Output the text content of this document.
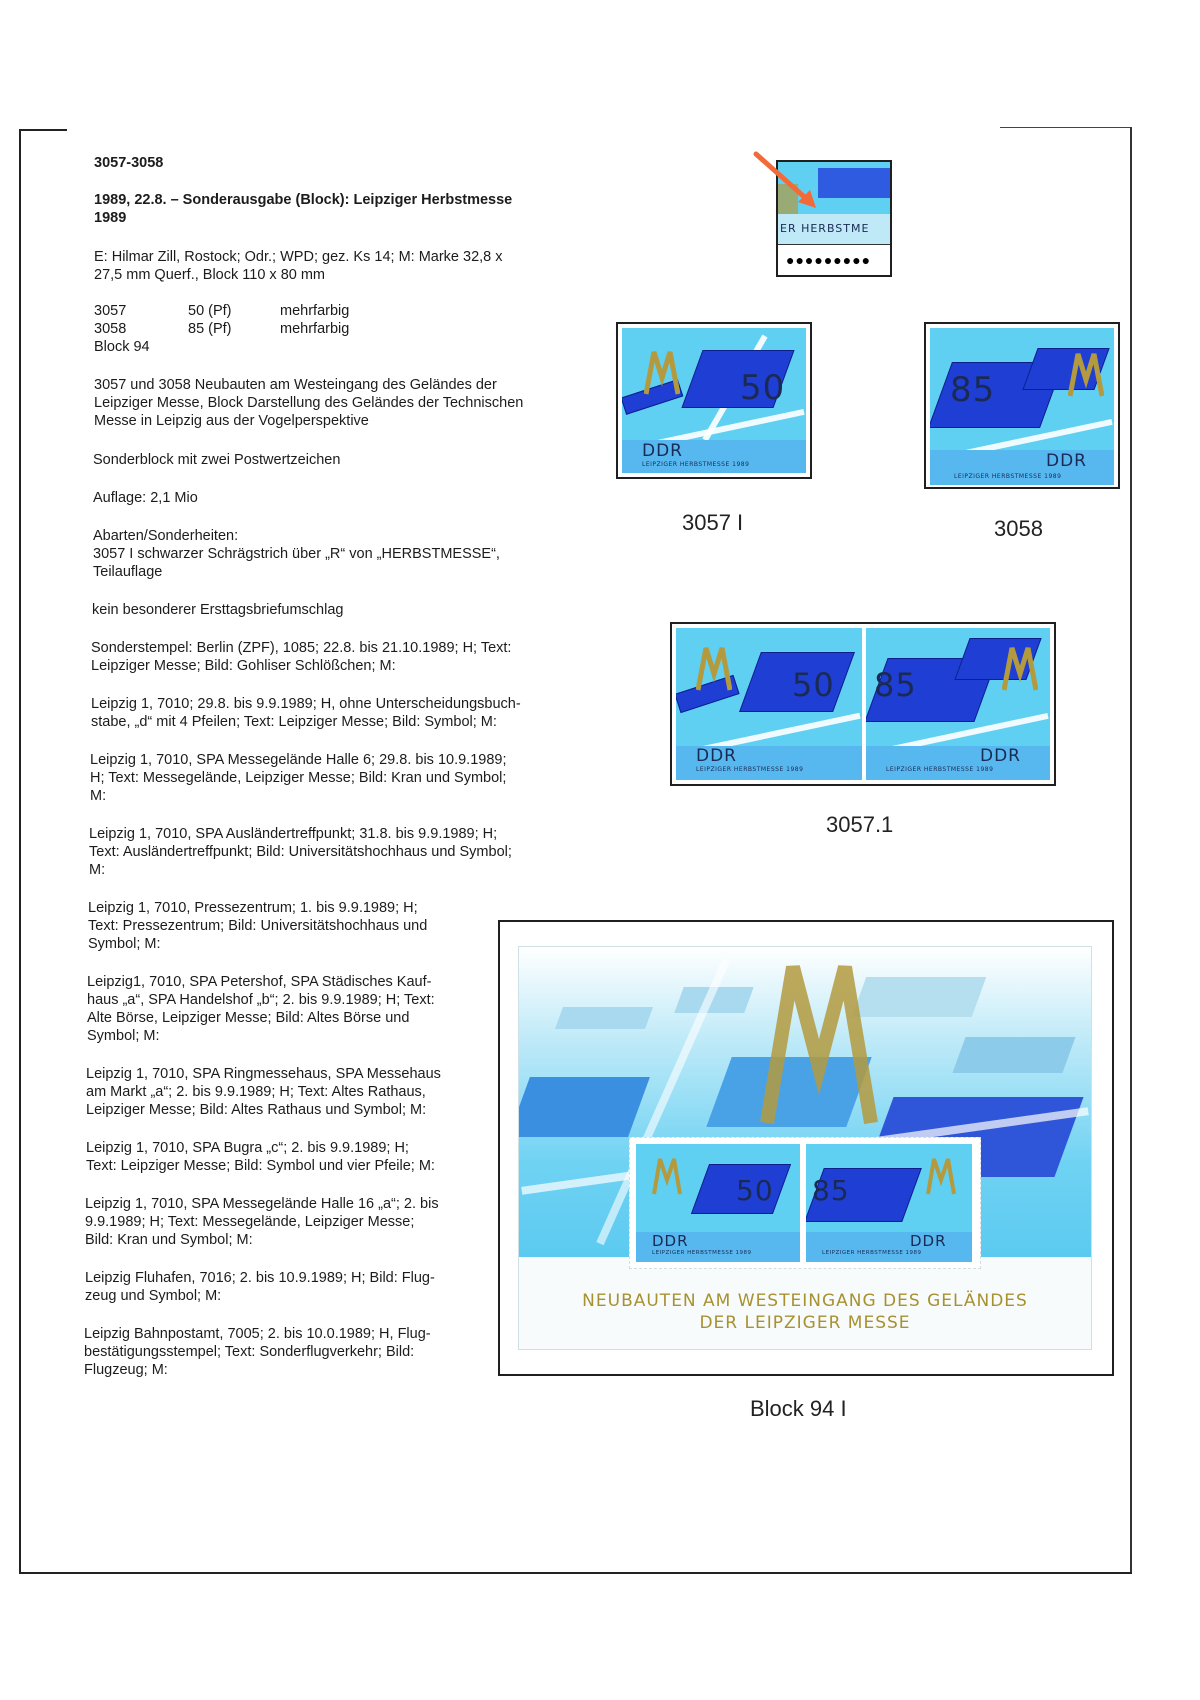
3057-3058
1989, 22.8. – Sonderausgabe (Block): Leipziger Herbstmesse
1989
E: Hilmar Zill, Rostock; Odr.; WPD; gez. Ks 14; M: Marke 32,8 x
27,5 mm Querf., Block 110 x 80 mm
3057	50 (Pf)	mehrfarbig
3058	85 (Pf)	mehrfarbig
Block 94
3057 und 3058 Neubauten am Westeingang des Geländes der
Leipziger Messe, Block Darstellung des Geländes der Technischen
Messe in Leipzig aus der Vogelperspektive
Sonderblock mit zwei Postwertzeichen
Auflage: 2,1 Mio
Abarten/Sonderheiten:
3057 I schwarzer Schrägstrich über „R“ von „HERBSTMESSE“,
Teilauflage
kein besonderer Ersttagsbriefumschlag
Sonderstempel: Berlin (ZPF), 1085; 22.8. bis 21.10.1989; H; Text:
Leipziger Messe; Bild: Gohliser Schlößchen; M:
Leipzig 1, 7010; 29.8. bis 9.9.1989; H, ohne Unterscheidungsbuch-
stabe, „d“ mit 4 Pfeilen; Text: Leipziger Messe; Bild: Symbol; M:
Leipzig 1, 7010, SPA Messegelände Halle 6; 29.8. bis 10.9.1989;
H; Text: Messegelände, Leipziger Messe; Bild: Kran und Symbol;
M:
Leipzig 1, 7010, SPA Ausländertreffpunkt; 31.8. bis 9.9.1989; H;
Text: Ausländertreffpunkt; Bild: Universitätshochhaus und Symbol;
M:
Leipzig 1, 7010, Pressezentrum; 1. bis 9.9.1989; H;
Text: Pressezentrum; Bild: Universitätshochhaus und
Symbol; M:
Leipzig1, 7010, SPA Petershof, SPA Städisches Kauf-
haus „a“, SPA Handelshof „b“; 2. bis 9.9.1989; H; Text:
Alte Börse, Leipziger Messe; Bild: Altes Börse und
Symbol; M:
Leipzig 1, 7010, SPA Ringmessehaus, SPA Messehaus
am Markt „a“; 2. bis 9.9.1989; H; Text: Altes Rathaus,
Leipziger Messe; Bild: Altes Rathaus und Symbol; M:
Leipzig 1, 7010, SPA Bugra „c“; 2. bis 9.9.1989; H;
Text: Leipziger Messe; Bild: Symbol und vier Pfeile; M:
Leipzig 1, 7010, SPA Messegelände Halle 16 „a“; 2. bis
9.9.1989; H; Text: Messegelände, Leipziger Messe;
Bild: Kran und Symbol; M:
Leipzig Fluhafen, 7016; 2. bis 10.9.1989; H; Bild: Flug-
zeug und Symbol; M:
Leipzig Bahnpostamt, 7005; 2. bis 10.0.1989; H, Flug-
bestätigungsstempel; Text: Sonderflugverkehr; Bild:
Flugzeug; M:
ER HERBSTME
●●●●●●●●●
50
DDR
LEIPZIGER HERBSTMESSE 1989
3057 I
85
DDR
LEIPZIGER HERBSTMESSE 1989
3058
50
DDR
LEIPZIGER HERBSTMESSE 1989
85
DDR
LEIPZIGER HERBSTMESSE 1989
3057.1
50
DDR
LEIPZIGER HERBSTMESSE 1989
85
DDR
LEIPZIGER HERBSTMESSE 1989
NEUBAUTEN AM WESTEINGANG DES GELÄNDES
DER LEIPZIGER MESSE
Block 94 I
